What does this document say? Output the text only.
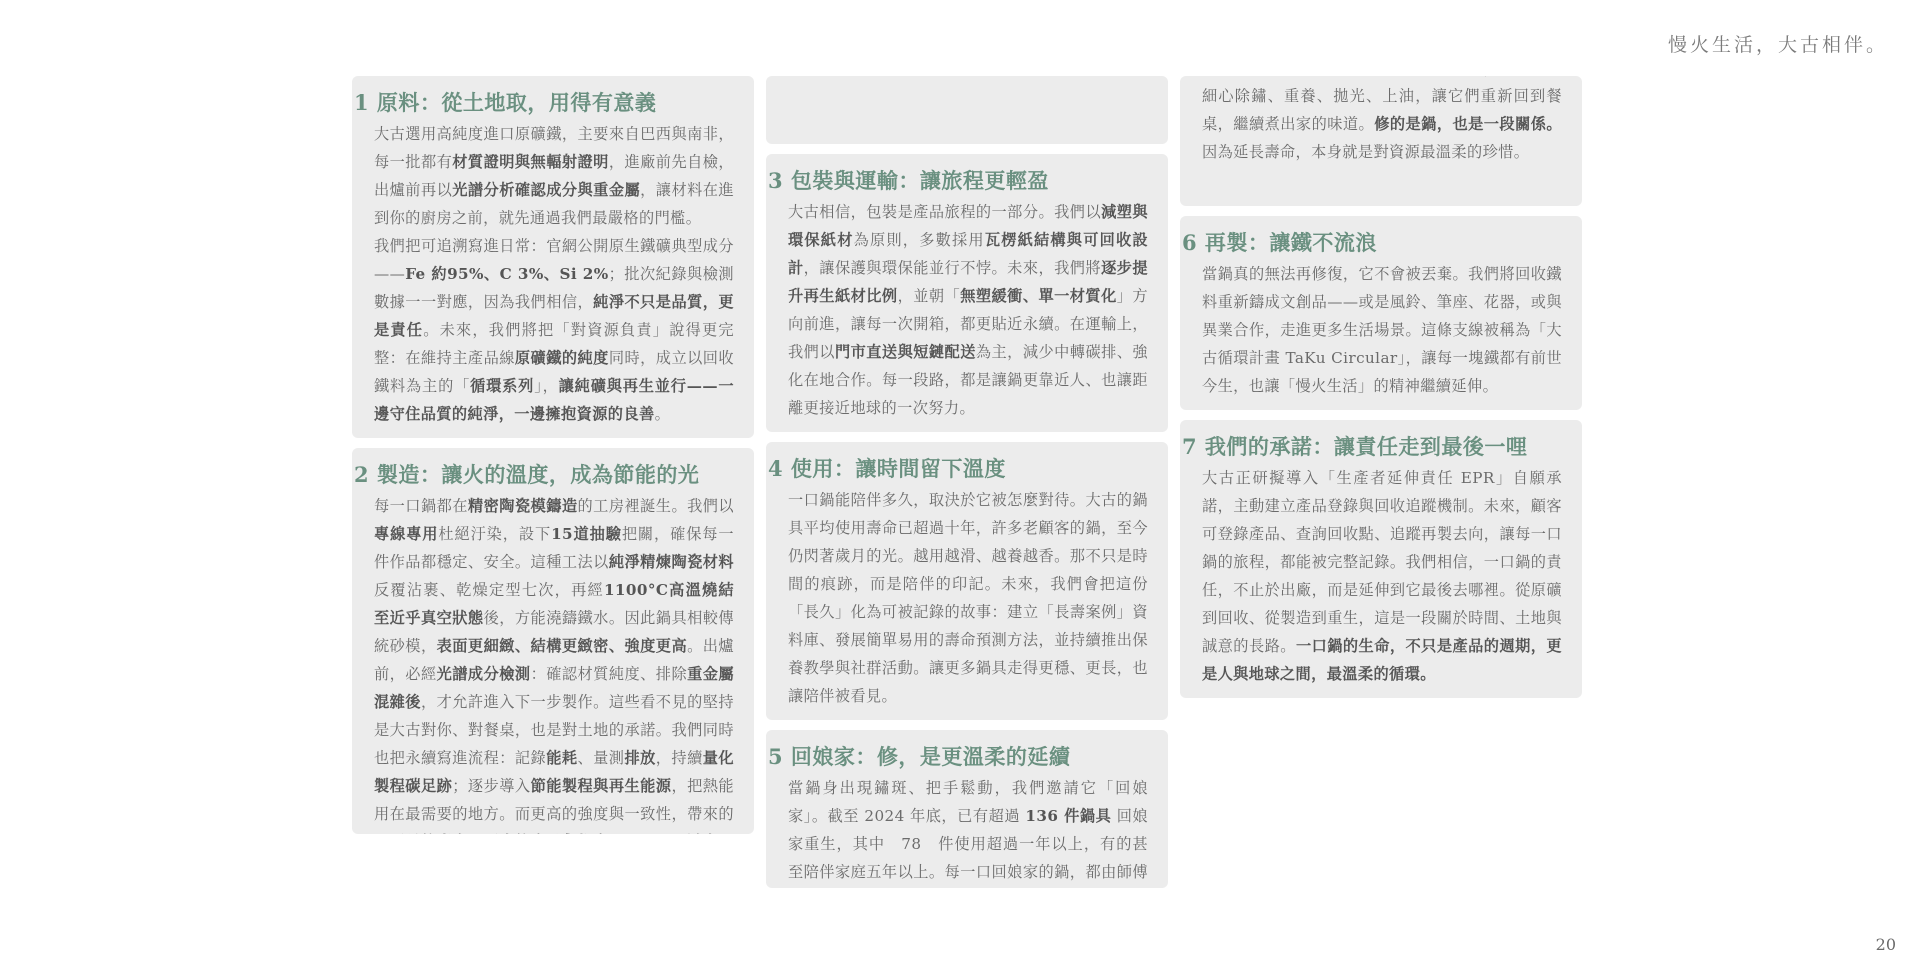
慢火生活，大古相伴。
1 原料：從土地取，用得有意義

大古選用高純度進口原礦鐵，主要來自巴西與南非，每一批都有材質證明與無輻射證明，進廠前先自檢，出爐前再以光譜分析確認成分與重金屬，讓材料在進到你的廚房之前，就先通過我們最嚴格的門檻。

我們把可追溯寫進日常：官網公開原生鐵礦典型成分——Fe 約95%、C 3%、Si 2%；批次紀錄與檢測數據一一對應，因為我們相信，純淨不只是品質，更是責任。未來，我們將把「對資源負責」說得更完整：在維持主產品線原礦鐵的純度同時，成立以回收鐵料為主的「循環系列」，讓純礦與再生並行——一邊守住品質的純淨，一邊擁抱資源的良善。

2 製造：讓火的溫度，成為節能的光

每一口鍋都在精密陶瓷模鑄造的工房裡誕生。我們以專線專用杜絕汙染，設下15道抽驗把關，確保每一件作品都穩定、安全。這種工法以純淨精煉陶瓷材料反覆沾裹、乾燥定型七次，再經1100°C高溫燒結至近乎真空狀態後，方能澆鑄鐵水。因此鍋具相較傳統砂模，表面更細緻、結構更緻密、強度更高。出爐前，必經光譜成分檢測：確認材質純度、排除重金屬混雜後，才允許進入下一步製作。這些看不見的堅持是大古對你、對餐桌，也是對土地的承諾。我們同時也把永續寫進流程：記錄能耗、量測排放，持續量化製程碳足跡；逐步導入節能製程與再生能源，把熱能用在最需要的地方。而更高的強度與一致性，帶來的

3 包裝與運輸：讓旅程更輕盈

大古相信，包裝是產品旅程的一部分。我們以減塑與環保紙材為原則，多數採用瓦楞紙結構與可回收設計，讓保護與環保能並行不悖。未來，我們將逐步提升再生紙材比例，並朝「無塑緩衝、單一材質化」方向前進，讓每一次開箱，都更貼近永續。在運輸上，我們以門市直送與短鏈配送為主，減少中轉碳排、強化在地合作。每一段路，都是讓鍋更靠近人、也讓距離更接近地球的一次努力。

4 使用：讓時間留下溫度

一口鍋能陪伴多久，取決於它被怎麼對待。大古的鍋具平均使用壽命已超過十年，許多老顧客的鍋，至今仍閃著歲月的光。越用越滑、越養越香。那不只是時間的痕跡，而是陪伴的印記。未來，我們會把這份「長久」化為可被記錄的故事：建立「長壽案例」資料庫、發展簡單易用的壽命預測方法，並持續推出保養教學與社群活動。讓更多鍋具走得更穩、更長，也讓陪伴被看見。

5 回娘家：修，是更溫柔的延續

當鍋身出現鏽斑、把手鬆動，我們邀請它「回娘家」。截至 2024 年底，已有超過 136 件鍋具 回娘家重生，其中　78　件使用超過一年以上，有的甚至陪伴家庭五年以上。每一口回娘家的鍋，都由師傅

　　細心除鏽、重養、拋光、上油，讓它們重新回到餐桌，繼續煮出家的味道。修的是鍋，也是一段關係。因為延長壽命，本身就是對資源最溫柔的珍惜。

6 再製：讓鐵不流浪

當鍋真的無法再修復，它不會被丟棄。我們將回收鐵料重新鑄成文創品——或是風鈴、筆座、花器，或與異業合作，走進更多生活場景。這條支線被稱為「大古循環計畫 TaKu Circular」，讓每一塊鐵都有前世今生，也讓「慢火生活」的精神繼續延伸。

7 我們的承諾：讓責任走到最後一哩

大古正研擬導入「生產者延伸責任 EPR」自願承諾，主動建立產品登錄與回收追蹤機制。未來，顧客可登錄產品、查詢回收點、追蹤再製去向，讓每一口鍋的旅程，都能被完整記錄。我們相信，一口鍋的責任，不止於出廠，而是延伸到它最後去哪裡。從原礦到回收、從製造到重生，這是一段關於時間、土地與誠意的長路。一口鍋的生命，不只是產品的週期，更是人與地球之間，最溫柔的循環。

20
